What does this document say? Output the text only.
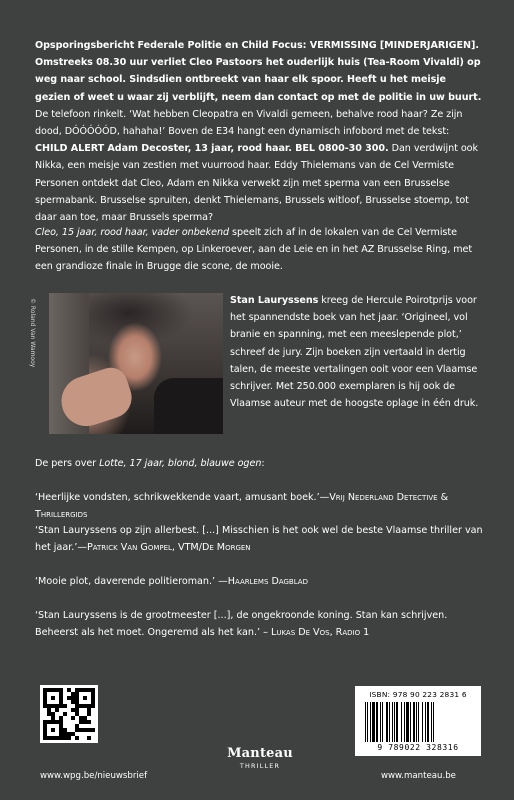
Opsporingsbericht Federale Politie en Child Focus: VERMISSING [MINDERJARIGEN]. Omstreeks 08.30 uur verliet Cleo Pastoors het ouderlijk huis (Tea-Room Vivaldi) op weg naar school. Sindsdien ontbreekt van haar elk spoor. Heeft u het meisje gezien of weet u waar zij verblijft, neem dan contact op met de politie in uw buurt. De telefoon rinkelt. ‘Wat hebben Cleopatra en Vivaldi gemeen, behalve rood haar? Ze zijn dood, DÓÓÓÓÓD, hahaha!’ Boven de E34 hangt een dynamisch infobord met de tekst: CHILD ALERT Adam Decoster, 13 jaar, rood haar. BEL 0800-30 300. Dan verdwijnt ook Nikka, een meisje van zestien met vuurrood haar. Eddy Thielemans van de Cel Vermiste Personen ontdekt dat Cleo, Adam en Nikka verwekt zijn met sperma van een Brusselse spermabank. Brusselse spruiten, denkt Thielemans, Brussels witloof, Brusselse stoemp, tot daar aan toe, maar Brussels sperma?

Cleo, 15 jaar, rood haar, vader onbekend speelt zich af in de lokalen van de Cel Vermiste Personen, in de stille Kempen, op Linkeroever, aan de Leie en in het AZ Brusselse Ring, met een grandioze finale in Brugge die scone, de mooie.

© Roland Van Wamooy	Stan Lauryssens kreeg de Hercule Poirotprijs voor het spannendste boek van het jaar. ‘Origineel, vol branie en spanning, met een meeslepende plot,’ schreef de jury. Zijn boeken zijn vertaald in dertig talen, de meeste vertalingen ooit voor een Vlaamse schrijver. Met 250.000 exemplaren is hij ook de Vlaamse auteur met de hoogste oplage in één druk.

De pers over Lotte, 17 jaar, blond, blauwe ogen:

‘Heerlijke vondsten, schrikwekkende vaart, amusant boek.’—Vrij Nederland Detective & Thrillergids

‘Stan Lauryssens op zijn allerbest. [...] Misschien is het ook wel de beste Vlaamse thriller van het jaar.’—Patrick Van Gompel, VTM/De Morgen

‘Mooie plot, daverende politieroman.’ —Haarlems Dagblad

‘Stan Lauryssens is de grootmeester [...], de ongekroonde koning. Stan kan schrijven. Beheerst als het moet. Ongeremd als het kan.’ – Lukas De Vos, Radio 1

www.wpg.be/nieuwsbrief
Manteau
THRILLER
ISBN: 978 90 223 2831 6
9 789022 328316
www.manteau.be
